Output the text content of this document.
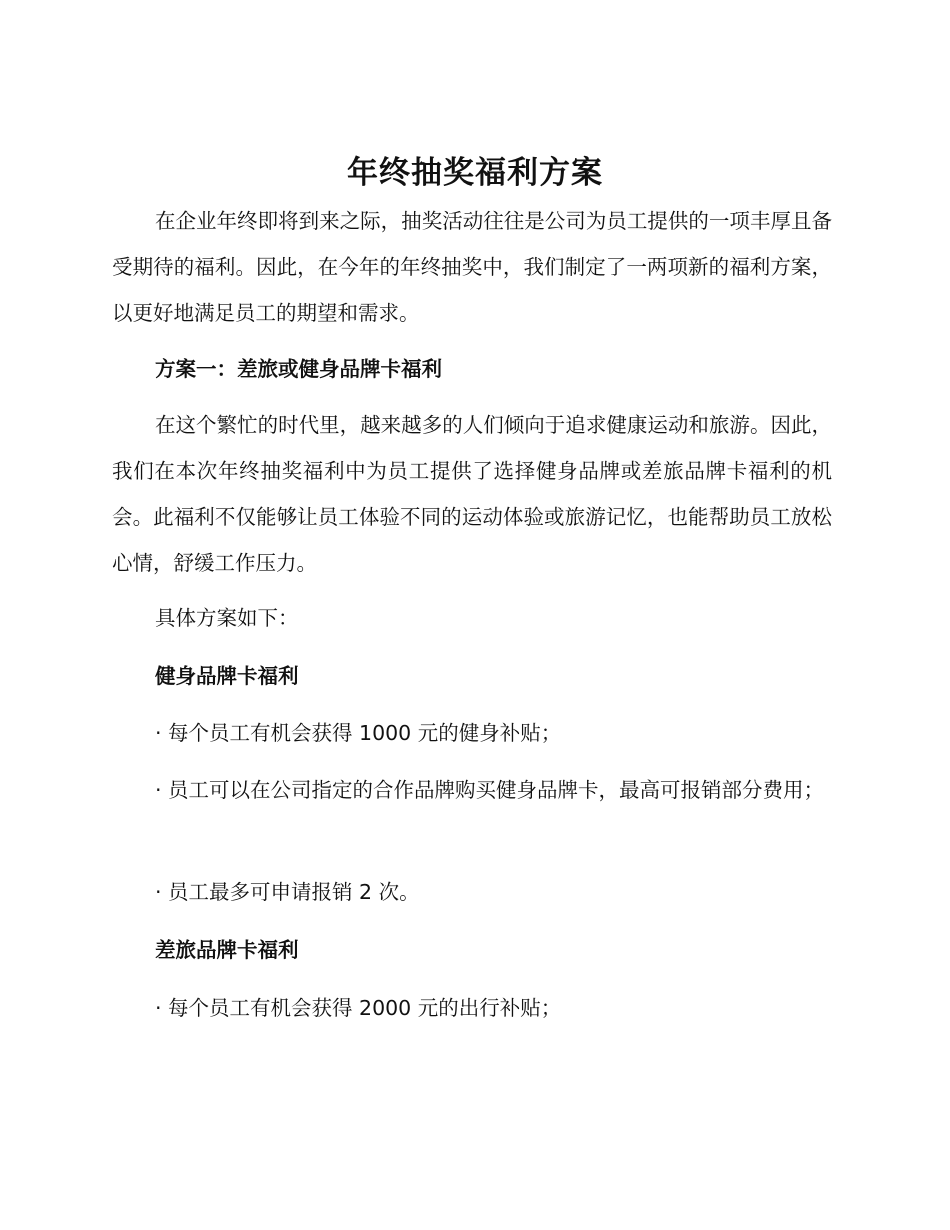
年终抽奖福利方案

在企业年终即将到来之际，抽奖活动往往是公司为员工提供的一项丰厚且备受期待的福利。因此，在今年的年终抽奖中，我们制定了一两项新的福利方案，以更好地满足员工的期望和需求。

方案一：差旅或健身品牌卡福利

在这个繁忙的时代里，越来越多的人们倾向于追求健康运动和旅游。因此，我们在本次年终抽奖福利中为员工提供了选择健身品牌或差旅品牌卡福利的机会。此福利不仅能够让员工体验不同的运动体验或旅游记忆，也能帮助员工放松心情，舒缓工作压力。

具体方案如下：

健身品牌卡福利

· 每个员工有机会获得 1000 元的健身补贴；

· 员工可以在公司指定的合作品牌购买健身品牌卡，最高可报销部分费用；

· 员工最多可申请报销 2 次。

差旅品牌卡福利

· 每个员工有机会获得 2000 元的出行补贴；
